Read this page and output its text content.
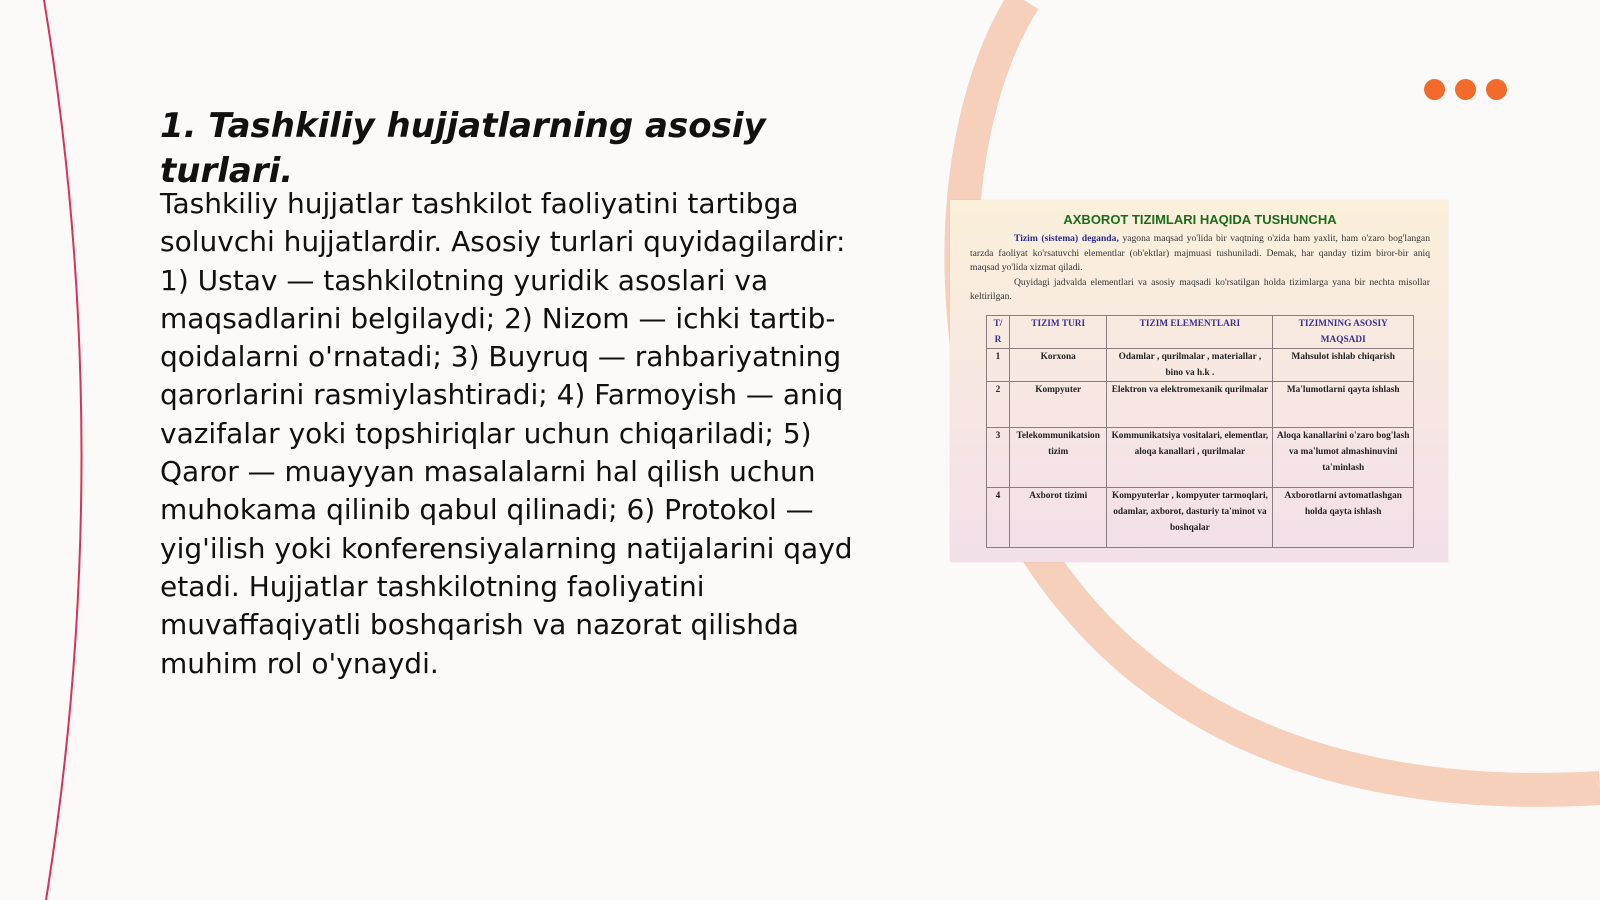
1. Tashkiliy hujjatlarning asosiy turlari.
Tashkiliy hujjatlar tashkilot faoliyatini tartibga soluvchi hujjatlardir. Asosiy turlari quyidagilardir: 1) Ustav — tashkilotning yuridik asoslari va maqsadlarini belgilaydi; 2) Nizom — ichki tartib-qoidalarni o'rnatadi; 3) Buyruq — rahbariyatning qarorlarini rasmiylashtiradi; 4) Farmoyish — aniq vazifalar yoki topshiriqlar uchun chiqariladi; 5) Qaror — muayyan masalalarni hal qilish uchun muhokama qilinib qabul qilinadi; 6) Protokol — yig'ilish yoki konferensiyalarning natijalarini qayd etadi. Hujjatlar tashkilotning faoliyatini muvaffaqiyatli boshqarish va nazorat qilishda muhim rol o'ynaydi.
AXBOROT TIZIMLARI HAQIDA TUSHUNCHA

Tizim (sistema) deganda, yagona maqsad yo'lida bir vaqtning o'zida ham yaxlit, ham o'zaro bog'langan tarzda faoliyat ko'rsatuvchi elementlar (ob'ektlar) majmuasi tushuniladi. Demak, har qanday tizim biror-bir aniq maqsad yo'lida xizmat qiladi.

Quyidagi jadvalda elementlari va asosiy maqsadi ko'rsatilgan holda tizimlarga yana bir nechta misollar keltirilgan.

T/ R	TIZIM TURI	TIZIM ELEMENTLARI	TIZIMNING ASOSIY MAQSADI
1	Korxona	Odamlar , qurilmalar , materiallar , bino va h.k .	Mahsulot ishlab chiqarish
2	Kompyuter	Elektron va elektromexanik qurilmalar	Ma'lumotlarni qayta ishlash
3	Telekommunikatsion tizim	Kommunikatsiya vositalari, elementlar, aloqa kanallari , qurilmalar	Aloqa kanallarini o'zaro bog'lash va ma'lumot almashinuvini ta'minlash
4	Axborot tizimi	Kompyuterlar , kompyuter tarmoqlari, odamlar, axborot, dasturiy ta'minot va boshqalar	Axborotlarni avtomatlashgan holda qayta ishlash
